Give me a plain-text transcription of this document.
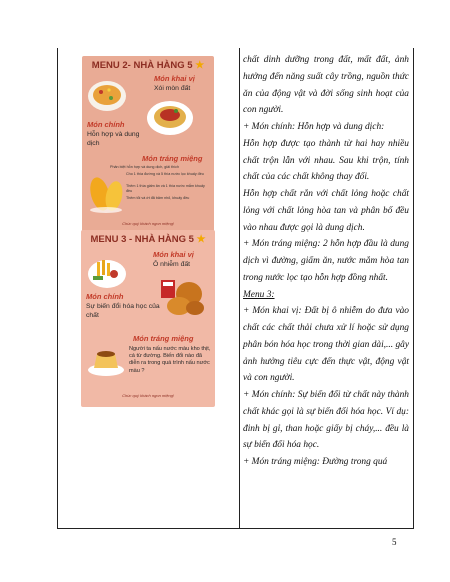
MENU 2- NHÀ HÀNG 5 ★
Món khai vị
Xói mòn đất
Món chính
Hỗn hợp và dung dịch
Món tráng miệng
Phân biệt hỗn hợp và dung dịch, giải thích
Cho 1 thìa đường và 5 thìa nước lọc khuấy đều
Thêm 1 thìa giấm ăn và 1 thìa nước mắm khuấy đều
Thêm tỏi và ớt đã băm nhỏ, khuấy đều
Chúc quý khách ngon miệng!
MENU 3 - NHÀ HÀNG 5 ★
Món khai vị
Ô nhiễm đất
Món chính
Sự biến đổi hóa học của chất
Món tráng miệng
Người ta nấu nước màu kho thịt, cá từ đường. Biến đổi nào đã diễn ra trong quá trình nấu nước màu ?
Chúc quý khách ngon miệng!

chất dinh dưỡng trong đất, mất đất, ảnh hưởng đến năng suất cây trồng, nguồn thức ăn của động vật và đời sống sinh hoạt của con người.

+ Món chính: Hỗn hợp và dung dịch:

Hỗn hợp được tạo thành từ hai hay nhiều chất trộn lẫn với nhau. Sau khi trộn, tính chất của các chất không thay đổi.

Hỗn hợp chất rắn với chất lỏng hoặc chất lỏng với chất lỏng hòa tan và phân bố đều vào nhau được gọi là dung dịch.

+ Món tráng miệng: 2 hỗn hợp đầu là dung dịch vì đường, giấm ăn, nước mắm hòa tan trong nước lọc tạo hỗn hợp đồng nhất.

Menu 3:

+ Món khai vị: Đất bị ô nhiễm do đưa vào chất các chất thải chưa xử lí hoặc sử dụng phân bón hóa học trong thời gian dài,... gây ảnh hưởng tiêu cực đến thực vật, động vật và con người.

+ Món chính: Sự biến đổi từ chất này thành chất khác gọi là sự biến đổi hóa học. Ví dụ: đinh bị gỉ, than hoặc giấy bị cháy,... đều là sự biến đổi hóa học.

+ Món tráng miệng: Đường trong quá

5
